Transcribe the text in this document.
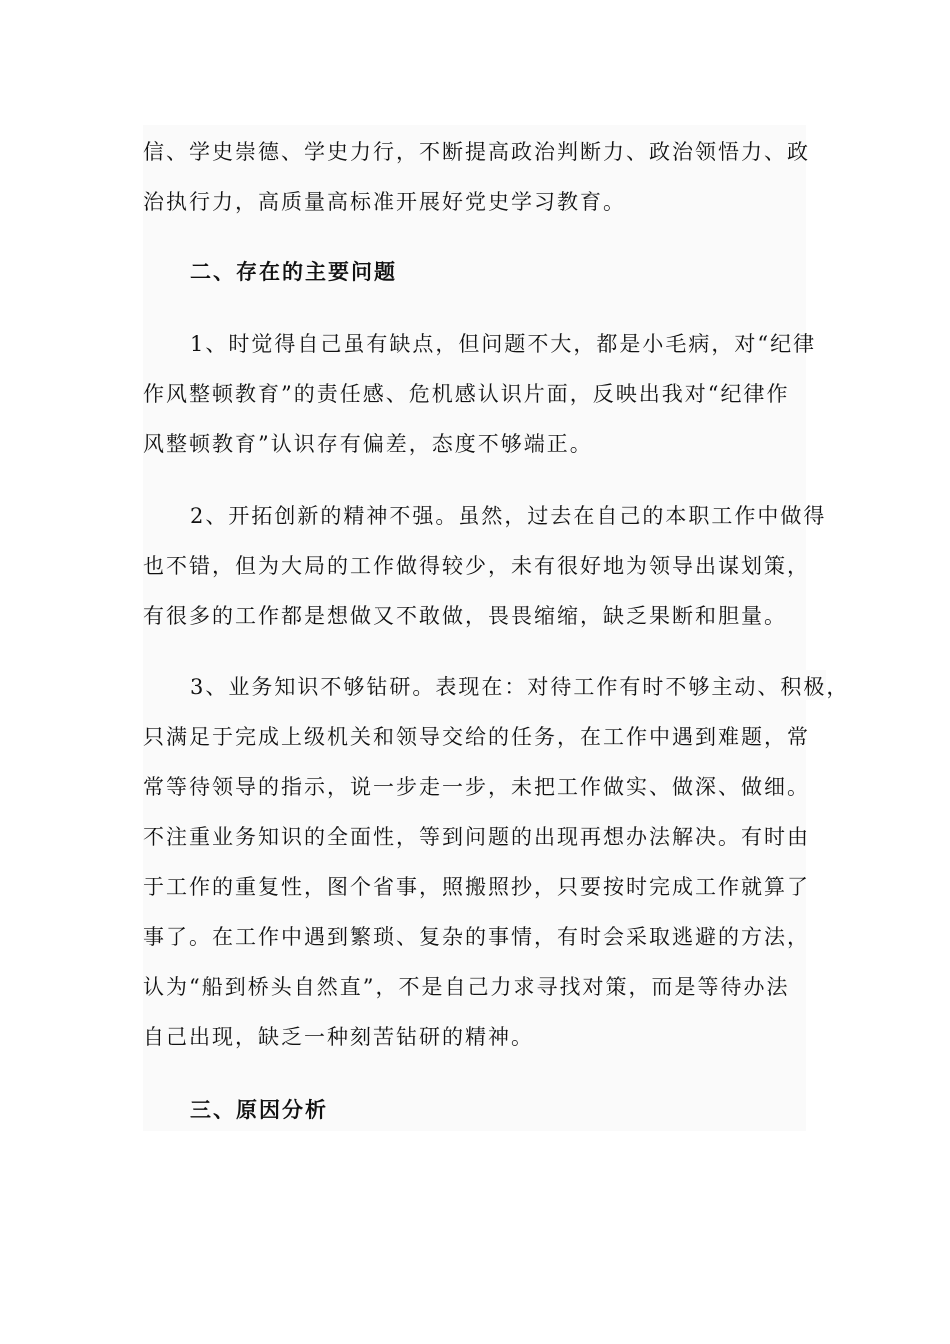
信、学史崇德、学史力行，不断提高政治判断力、政治领悟力、政
治执行力，高质量高标准开展好党史学习教育。
二、存在的主要问题
1、时觉得自己虽有缺点，但问题不大，都是小毛病，对“纪律
作风整顿教育”的责任感、危机感认识片面，反映出我对“纪律作
风整顿教育”认识存有偏差，态度不够端正。
2、开拓创新的精神不强。虽然，过去在自己的本职工作中做得
也不错，但为大局的工作做得较少，未有很好地为领导出谋划策，
有很多的工作都是想做又不敢做，畏畏缩缩，缺乏果断和胆量。
3、业务知识不够钻研。表现在：对待工作有时不够主动、积极，
只满足于完成上级机关和领导交给的任务，在工作中遇到难题，常
常等待领导的指示，说一步走一步，未把工作做实、做深、做细。
不注重业务知识的全面性，等到问题的出现再想办法解决。有时由
于工作的重复性，图个省事，照搬照抄，只要按时完成工作就算了
事了。在工作中遇到繁琐、复杂的事情，有时会采取逃避的方法，
认为“船到桥头自然直”，不是自己力求寻找对策，而是等待办法
自己出现，缺乏一种刻苦钻研的精神。
三、原因分析
